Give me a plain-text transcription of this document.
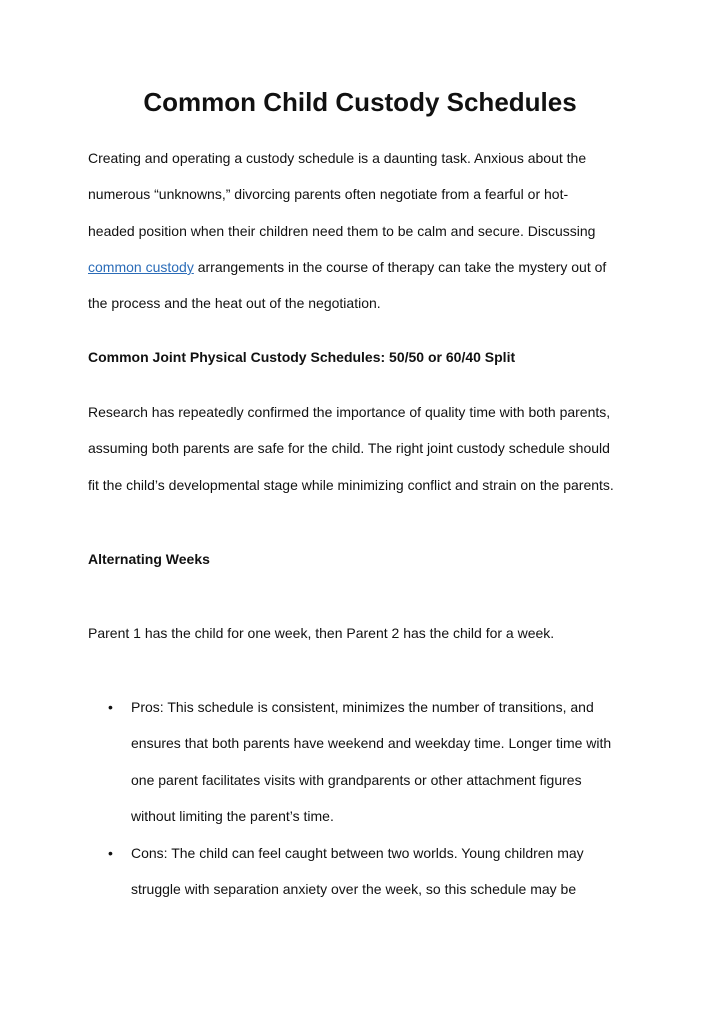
Common Child Custody Schedules

Creating and operating a custody schedule is a daunting task. Anxious about the

numerous “unknowns,” divorcing parents often negotiate from a fearful or hot-

headed position when their children need them to be calm and secure. Discussing

common custody arrangements in the course of therapy can take the mystery out of

the process and the heat out of the negotiation.

Common Joint Physical Custody Schedules: 50/50 or 60/40 Split

Research has repeatedly confirmed the importance of quality time with both parents,

assuming both parents are safe for the child. The right joint custody schedule should

fit the child’s developmental stage while minimizing conflict and strain on the parents.

Alternating Weeks

Parent 1 has the child for one week, then Parent 2 has the child for a week.

• Pros: This schedule is consistent, minimizes the number of transitions, and

ensures that both parents have weekend and weekday time. Longer time with

one parent facilitates visits with grandparents or other attachment figures

without limiting the parent’s time.

• Cons: The child can feel caught between two worlds. Young children may

struggle with separation anxiety over the week, so this schedule may be
